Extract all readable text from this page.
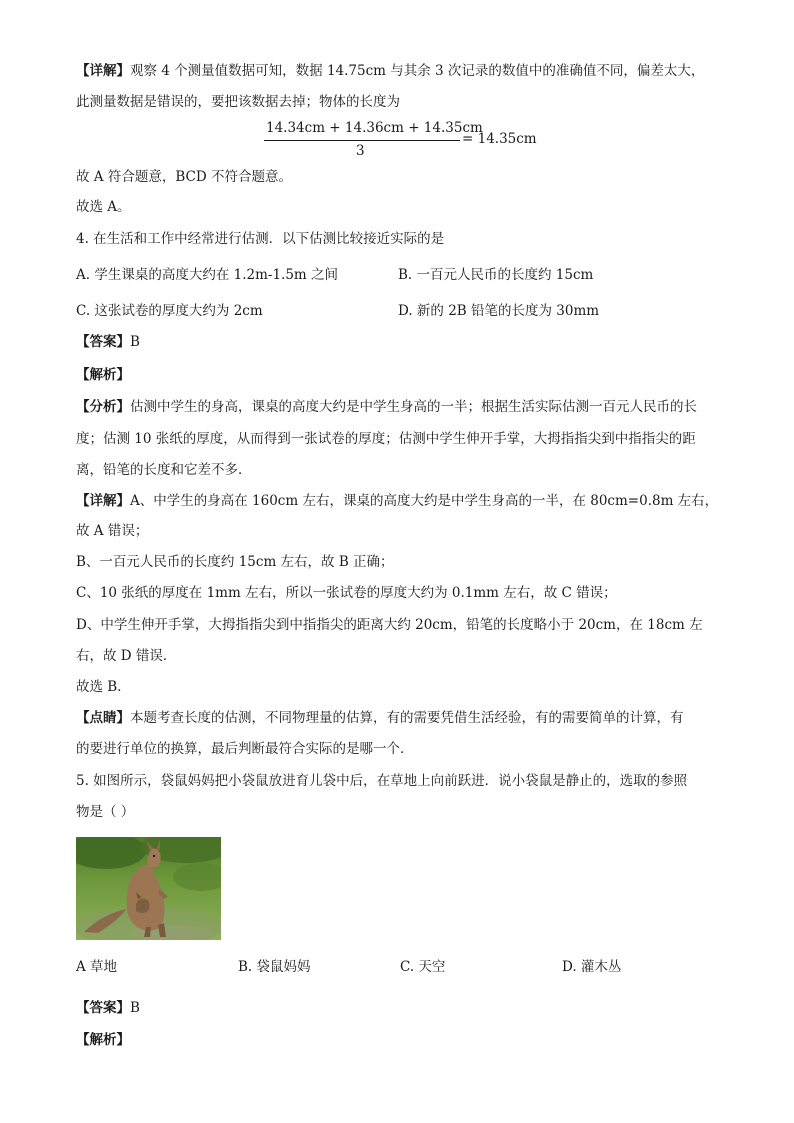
【详解】观察 4 个测量值数据可知，数据 14.75cm 与其余 3 次记录的数值中的准确值不同，偏差太大，
此测量数据是错误的，要把该数据去掉；物体的长度为
14.34cm + 14.36cm + 14.35cm
3
= 14.35cm
故 A 符合题意，BCD 不符合题意。
故选 A。
4. 在生活和工作中经常进行估测．以下估测比较接近实际的是
A. 学生课桌的高度大约在 1.2m-1.5m 之间	B. 一百元人民币的长度约 15cm
C. 这张试卷的厚度大约为 2cm	D. 新的 2B 铅笔的长度为 30mm
【答案】B
【解析】
【分析】估测中学生的身高，课桌的高度大约是中学生身高的一半；根据生活实际估测一百元人民币的长
度；估测 10 张纸的厚度，从而得到一张试卷的厚度；估测中学生伸开手掌，大拇指指尖到中指指尖的距
离，铅笔的长度和它差不多．
【详解】A、中学生的身高在 160cm 左右，课桌的高度大约是中学生身高的一半，在 80cm=0.8m 左右，
故 A 错误；
B、一百元人民币的长度约 15cm 左右，故 B 正确；
C、10 张纸的厚度在 1mm 左右，所以一张试卷的厚度大约为 0.1mm 左右，故 C 错误；
D、中学生伸开手掌，大拇指指尖到中指指尖的距离大约 20cm，铅笔的长度略小于 20cm，在 18cm 左
右，故 D 错误．
故选 B．
【点睛】本题考查长度的估测，不同物理量的估算，有的需要凭借生活经验，有的需要简单的计算，有
的要进行单位的换算，最后判断最符合实际的是哪一个．
5. 如图所示，袋鼠妈妈把小袋鼠放进育儿袋中后，在草地上向前跃进．说小袋鼠是静止的，选取的参照
物是（ ）
A 草地	B. 袋鼠妈妈	C. 天空	D. 灌木丛
【答案】B
【解析】
